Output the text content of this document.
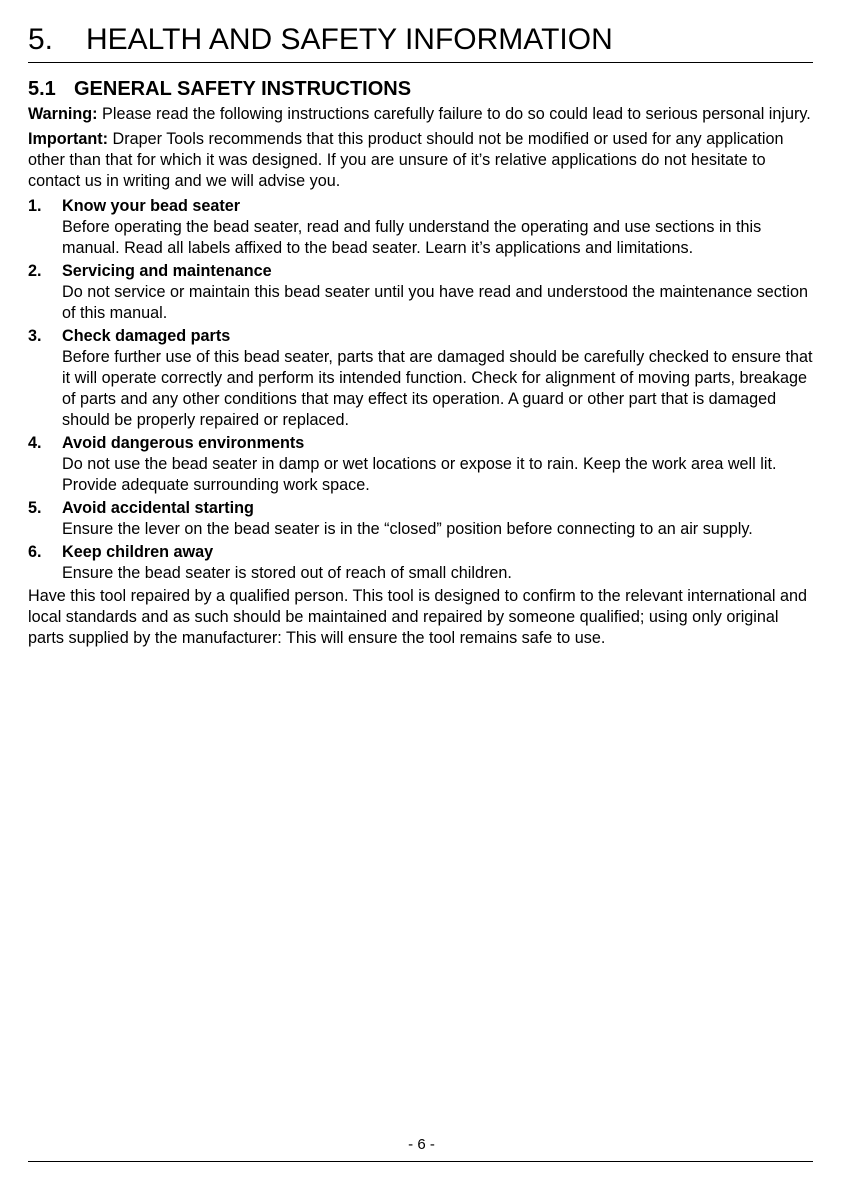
5. HEALTH AND SAFETY INFORMATION
5.1 GENERAL SAFETY INSTRUCTIONS

Warning: Please read the following instructions carefully failure to do so could lead to serious personal injury.

Important: Draper Tools recommends that this product should not be modified or used for any application other than that for which it was designed. If you are unsure of it’s relative applications do not hesitate to contact us in writing and we will advise you.

1. Know your bead seater
Before operating the bead seater, read and fully understand the operating and use sections in this manual. Read all labels affixed to the bead seater. Learn it’s applications and limitations.
2. Servicing and maintenance
Do not service or maintain this bead seater until you have read and understood the maintenance section of this manual.
3. Check damaged parts
Before further use of this bead seater, parts that are damaged should be carefully checked to ensure that it will operate correctly and perform its intended function. Check for alignment of moving parts, breakage of parts and any other conditions that may effect its operation. A guard or other part that is damaged should be properly repaired or replaced.
4. Avoid dangerous environments
Do not use the bead seater in damp or wet locations or expose it to rain. Keep the work area well lit. Provide adequate surrounding work space.
5. Avoid accidental starting
Ensure the lever on the bead seater is in the “closed” position before connecting to an air supply.
6. Keep children away
Ensure the bead seater is stored out of reach of small children.

Have this tool repaired by a qualified person. This tool is designed to confirm to the relevant international and local standards and as such should be maintained and repaired by someone qualified; using only original parts supplied by the manufacturer: This will ensure the tool remains safe to use.

- 6 -
